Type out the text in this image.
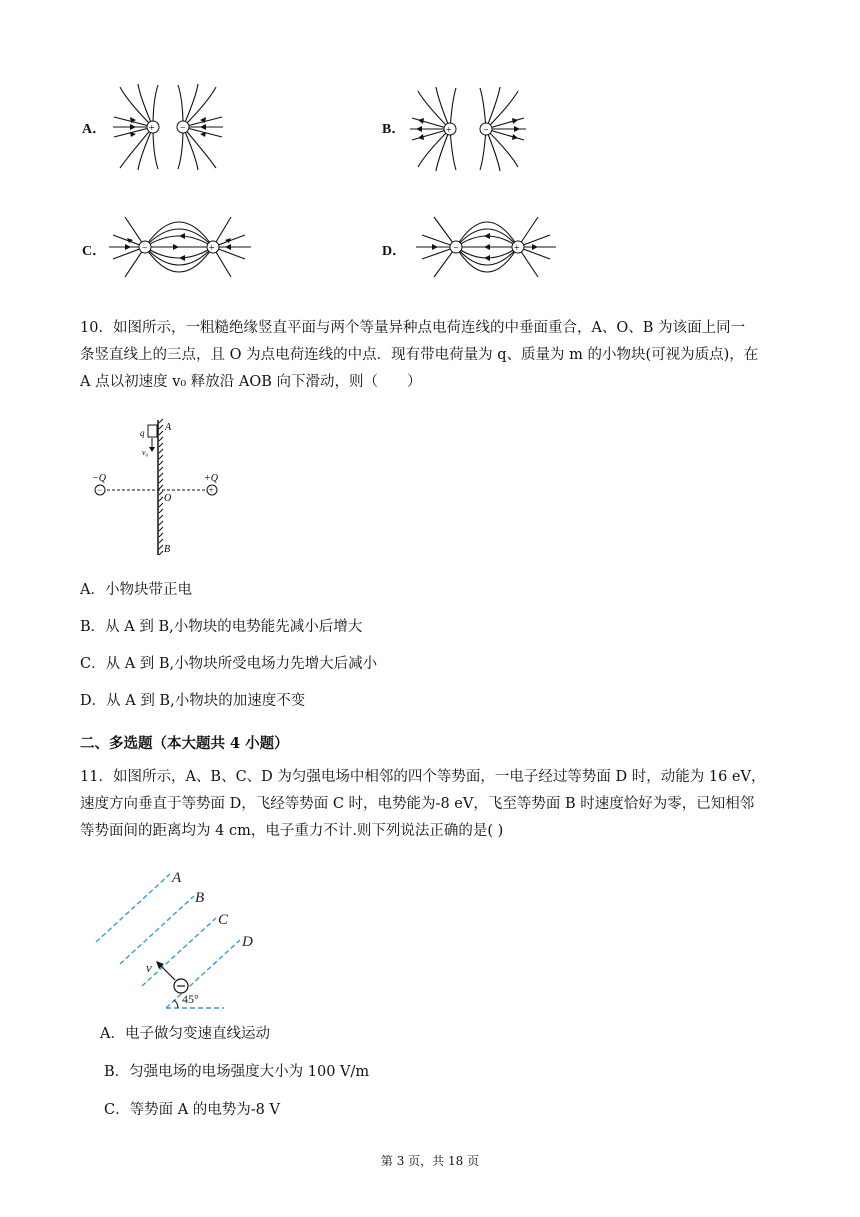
A．	+	−	B．	+	−
C．	−	+	D．	−	+
10．如图所示，一粗糙绝缘竖直平面与两个等量异种点电荷连线的中垂面重合，A、O、B 为该面上同一
条竖直线上的三点，且 O 为点电荷连线的中点．现有带电荷量为 q、质量为 m 的小物块(可视为质点)，在
A 点以初速度 v₀ 释放沿 AOB 向下滑动，则（　　）
q
v₀
A
−	+
−Q	+Q
O
B
A．小物块带正电
B．从 A 到 B,小物块的电势能先减小后增大
C．从 A 到 B,小物块所受电场力先增大后减小
D．从 A 到 B,小物块的加速度不变
二、多选题（本大题共 4 小题）
11．如图所示，A、B、C、D 为匀强电场中相邻的四个等势面，一电子经过等势面 D 时，动能为 16 eV，
速度方向垂直于等势面 D，飞经等势面 C 时，电势能为-8 eV，飞至等势面 B 时速度恰好为零，已知相邻
等势面间的距离均为 4 cm，电子重力不计.则下列说法正确的是( )
A
B
C
D
v
45°
A．电子做匀变速直线运动
B．匀强电场的电场强度大小为 100 V/m
C．等势面 A 的电势为-8 V
第 3 页，共 18 页
